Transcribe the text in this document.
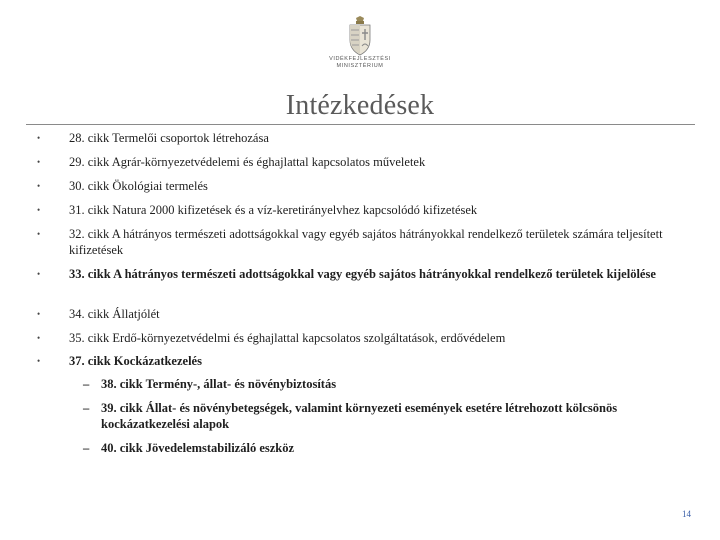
VIDÉKFEJLESZTÉSI
MINISZTÉRIUM
Intézkedések
• 28. cikk Termelői csoportok létrehozása
• 29. cikk Agrár-környezetvédelemi és éghajlattal kapcsolatos műveletek
• 30. cikk Ökológiai termelés
• 31. cikk Natura 2000 kifizetések és a víz-keretirányelvhez kapcsolódó kifizetések
• 32. cikk A hátrányos természeti adottságokkal vagy egyéb sajátos hátrányokkal rendelkező területek számára teljesített kifizetések
• 33. cikk A hátrányos természeti adottságokkal vagy egyéb sajátos hátrányokkal rendelkező területek kijelölése
• 34. cikk Állatjólét
• 35. cikk Erdő-környezetvédelmi és éghajlattal kapcsolatos szolgáltatások, erdővédelem
• 37. cikk Kockázatkezelés
– 38. cikk Termény-, állat- és növénybiztosítás
– 39. cikk Állat- és növénybetegségek, valamint környezeti események esetére létrehozott kölcsönös kockázatkezelési alapok
– 40. cikk Jövedelemstabilizáló eszköz
14
